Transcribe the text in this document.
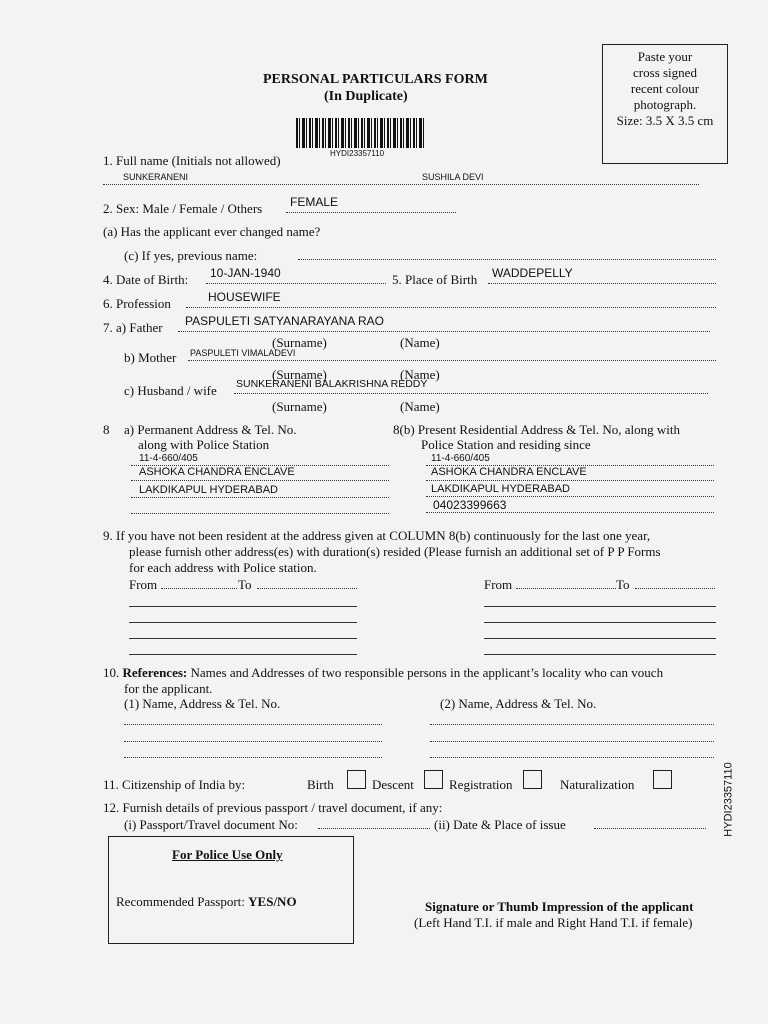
Paste your
cross signed
recent colour
photograph.
Size: 3.5 X 3.5 cm
PERSONAL PARTICULARS FORM
(In Duplicate)
HYDI23357110
HYDI23357110
1. Full name (Initials not allowed)
SUNKERANENI	SUSHILA DEVI
2. Sex: Male / Female / Others FEMALE
(a) Has the applicant ever changed name?
(c) If yes, previous name:
4. Date of Birth: 10-JAN-1940	5. Place of Birth WADDEPELLY
6. Profession	HOUSEWIFE
7. a) Father PASPULETI SATYANARAYANA RAO
(Surname)	(Name)
b) Mother PASPULETI VIMALADEVI
(Surname)	(Name)
c) Husband / wife SUNKERANENI BALAKRISHNA REDDY
(Surname)	(Name)
8 a) Permanent Address & Tel. No.
along with Police Station
11-4-660/405
ASHOKA CHANDRA ENCLAVE
LAKDIKAPUL HYDERABAD
8(b) Present Residential Address & Tel. No, along with
Police Station and residing since
11-4-660/405
ASHOKA CHANDRA ENCLAVE
LAKDIKAPUL HYDERABAD
04023399663
9. If you have not been resident at the address given at COLUMN 8(b) continuously for the last one year,
please furnish other address(es) with duration(s) resided (Please furnish an additional set of P P Forms
for each address with Police station.
From	To	From	To
10. References: Names and Addresses of two responsible persons in the applicant’s locality who can vouch
for the applicant.
(1) Name, Address & Tel. No.	(2) Name, Address & Tel. No.
11. Citizenship of India by:	Birth	Descent	Registration	Naturalization
12. Furnish details of previous passport / travel document, if any:
(i) Passport/Travel document No:	(ii) Date & Place of issue
For Police Use Only
Recommended Passport: YES/NO	Signature or Thumb Impression of the applicant
(Left Hand T.I. if male and Right Hand T.I. if female)
